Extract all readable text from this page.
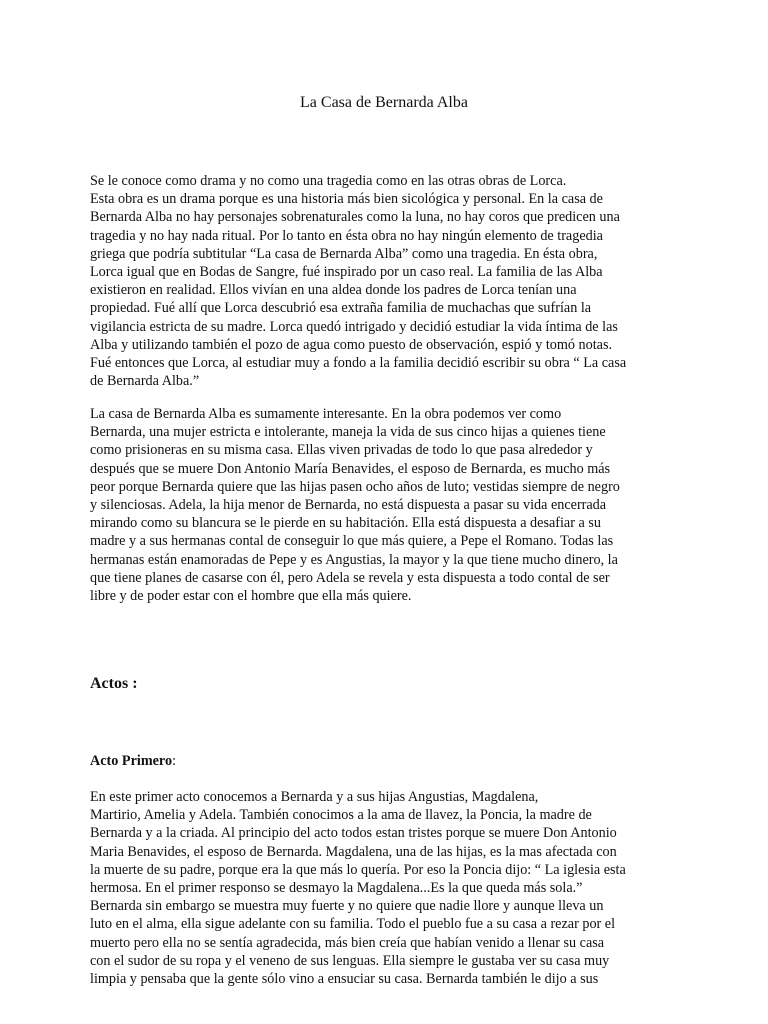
La Casa de Bernarda Alba

Se le conoce como drama y no como una tragedia como en las otras obras de Lorca.
Esta obra es un drama porque es una historia más bien sicológica y personal. En la casa de
Bernarda Alba no hay personajes sobrenaturales como la luna, no hay coros que predicen una
tragedia y no hay nada ritual. Por lo tanto en ésta obra no hay ningún elemento de tragedia
griega que podría subtitular “La casa de Bernarda Alba” como una tragedia. En ésta obra,
Lorca igual que en Bodas de Sangre, fué inspirado por un caso real. La familia de las Alba
existieron en realidad. Ellos vivían en una aldea donde los padres de Lorca tenían una
propiedad. Fué allí que Lorca descubrió esa extraña familia de muchachas que sufrían la
vigilancia estricta de su madre. Lorca quedó intrigado y decidió estudiar la vida íntima de las
Alba y utilizando también el pozo de agua como puesto de observación, espió y tomó notas.
Fué entonces que Lorca, al estudiar muy a fondo a la familia decidió escribir su obra “ La casa
de Bernarda Alba.”

La casa de Bernarda Alba es sumamente interesante. En la obra podemos ver como
Bernarda, una mujer estricta e intolerante, maneja la vida de sus cinco hijas a quienes tiene
como prisioneras en su misma casa. Ellas viven privadas de todo lo que pasa alrededor y
después que se muere Don Antonio María Benavides, el esposo de Bernarda, es mucho más
peor porque Bernarda quiere que las hijas pasen ocho años de luto; vestidas siempre de negro
y silenciosas. Adela, la hija menor de Bernarda, no está dispuesta a pasar su vida encerrada
mirando como su blancura se le pierde en su habitación. Ella está dispuesta a desafiar a su
madre y a sus hermanas contal de conseguir lo que más quiere, a Pepe el Romano. Todas las
hermanas están enamoradas de Pepe y es Angustias, la mayor y la que tiene mucho dinero, la
que tiene planes de casarse con él, pero Adela se revela y esta dispuesta a todo contal de ser
libre y de poder estar con el hombre que ella más quiere.

Actos :
Acto Primero:

En este primer acto conocemos a Bernarda y a sus hijas Angustias, Magdalena,
Martirio, Amelia y Adela. También conocimos a la ama de llavez, la Poncia, la madre de
Bernarda y a la criada. Al principio del acto todos estan tristes porque se muere Don Antonio
Maria Benavides, el esposo de Bernarda. Magdalena, una de las hijas, es la mas afectada con
la muerte de su padre, porque era la que más lo quería. Por eso la Poncia dijo: “ La iglesia esta
hermosa. En el primer responso se desmayo la Magdalena...Es la que queda más sola.”
Bernarda sin embargo se muestra muy fuerte y no quiere que nadie llore y aunque lleva un
luto en el alma, ella sigue adelante con su familia. Todo el pueblo fue a su casa a rezar por el
muerto pero ella no se sentía agradecida, más bien creía que habían venido a llenar su casa
con el sudor de su ropa y el veneno de sus lenguas. Ella siempre le gustaba ver su casa muy
limpia y pensaba que la gente sólo vino a ensuciar su casa. Bernarda también le dijo a sus
